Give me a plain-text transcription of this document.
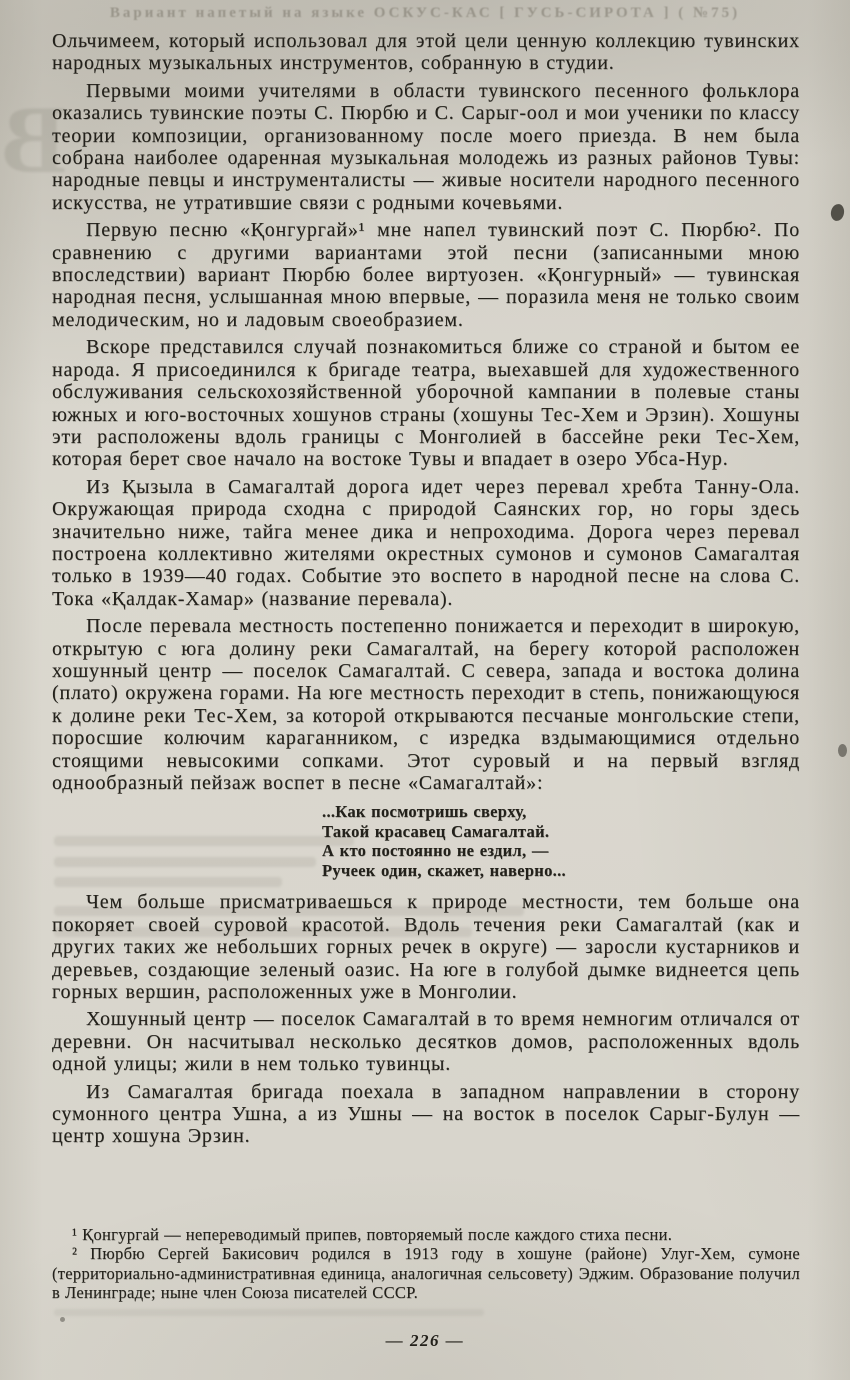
Вариант напетый на языке ОСКУС-КАС [ ГУСЬ-СИРОТА ] ( №75)
В

Ольчимеем, который использовал для этой цели ценную коллекцию тувинских народных музыкальных инструментов, собранную в студии.

Первыми моими учителями в области тувинского песенного фольклора оказались тувинские поэты С. Пюрбю и С. Сарыг-оол и мои ученики по классу теории композиции, организованному после моего приезда. В нем была собрана наиболее одаренная музыкальная молодежь из разных районов Тувы: народные певцы и инструменталисты — живые носители народного песенного искусства, не утратившие связи с родными кочевьями.

Первую песню «Қонгургай»¹ мне напел тувинский поэт С. Пюрбю². По сравнению с другими вариантами этой песни (записанными мною впоследствии) вариант Пюрбю более виртуозен. «Қонгурный» — тувинская народная песня, услышанная мною впервые, — поразила меня не только своим мелодическим, но и ладовым своеобразием.

Вскоре представился случай познакомиться ближе со страной и бытом ее народа. Я присоединился к бригаде театра, выехавшей для художественного обслуживания сельскохозяйственной уборочной кампании в полевые станы южных и юго-восточных хошунов страны (хошуны Тес-Хем и Эрзин). Хошуны эти расположены вдоль границы с Монголией в бассейне реки Тес-Хем, которая берет свое начало на востоке Тувы и впадает в озеро Убса-Нур.

Из Қызыла в Самагалтай дорога идет через перевал хребта Танну-Ола. Окружающая природа сходна с природой Саянских гор, но горы здесь значительно ниже, тайга менее дика и непроходима. Дорога через перевал построена коллективно жителями окрестных сумонов и сумонов Самагалтая только в 1939—40 годах. Событие это воспето в народной песне на слова С. Тока «Қалдак-Хамар» (название перевала).

После перевала местность постепенно понижается и переходит в широкую, открытую с юга долину реки Самагалтай, на берегу которой расположен хошунный центр — поселок Самагалтай. С севера, запада и востока долина (плато) окружена горами. На юге местность переходит в степь, понижающуюся к долине реки Тес-Хем, за которой открываются песчаные монгольские степи, поросшие колючим караганником, с изредка вздымающимися отдельно стоящими невысокими сопками. Этот суровый и на первый взгляд однообразный пейзаж воспет в песне «Самагалтай»:

...Как посмотришь сверху,
Такой красавец Самагалтай.
А кто постоянно не ездил, —
Ручеек один, скажет, наверно...

Чем больше присматриваешься к природе местности, тем больше она покоряет своей суровой красотой. Вдоль течения реки Самагалтай (как и других таких же небольших горных речек в округе) — заросли кустарников и деревьев, создающие зеленый оазис. На юге в голубой дымке виднеется цепь горных вершин, расположенных уже в Монголии.

Хошунный центр — поселок Самагалтай в то время немногим отличался от деревни. Он насчитывал несколько десятков домов, расположенных вдоль одной улицы; жили в нем только тувинцы.

Из Самагалтая бригада поехала в западном направлении в сторону сумонного центра Ушна, а из Ушны — на восток в поселок Сарыг-Булун — центр хошуна Эрзин.

¹ Қонгургай — непереводимый припев, повторяемый после каждого стиха песни.

² Пюрбю Сергей Бакисович родился в 1913 году в хошуне (районе) Улуг-Хем, сумоне (территориально-административная единица, аналогичная сельсовету) Эджим. Образование получил в Ленинграде; ныне член Союза писателей СССР.

— 226 —
